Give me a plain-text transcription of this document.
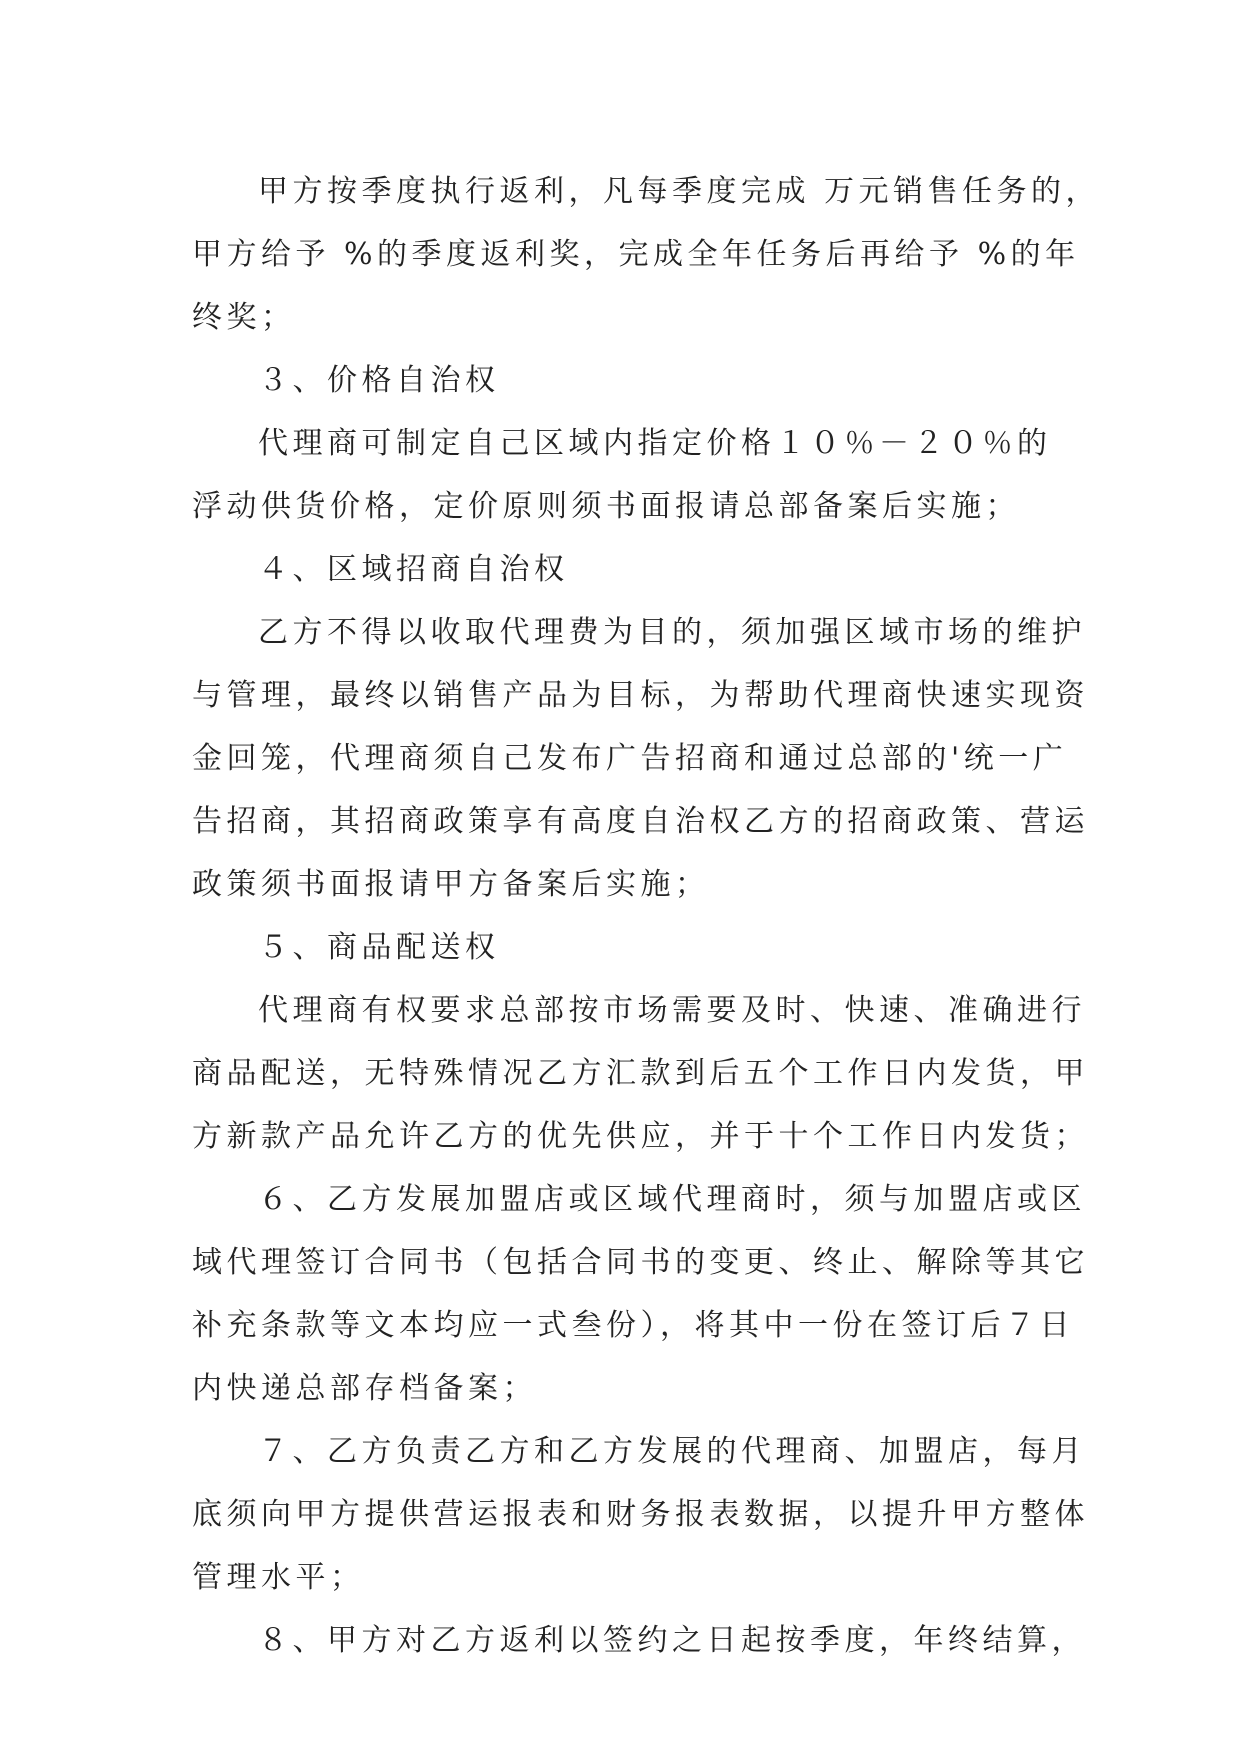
甲方按季度执行返利，凡每季度完成 万元销售任务的，
甲方给予 %的季度返利奖，完成全年任务后再给予 %的年
终奖；
３、价格自治权
代理商可制定自己区域内指定价格１０％－２０％的
浮动供货价格，定价原则须书面报请总部备案后实施；
４、区域招商自治权
乙方不得以收取代理费为目的，须加强区域市场的维护
与管理，最终以销售产品为目标，为帮助代理商快速实现资
金回笼，代理商须自己发布广告招商和通过总部的'统一广
告招商，其招商政策享有高度自治权乙方的招商政策、营运
政策须书面报请甲方备案后实施；
５、商品配送权
代理商有权要求总部按市场需要及时、快速、准确进行
商品配送，无特殊情况乙方汇款到后五个工作日内发货，甲
方新款产品允许乙方的优先供应，并于十个工作日内发货；
６、乙方发展加盟店或区域代理商时，须与加盟店或区
域代理签订合同书（包括合同书的变更、终止、解除等其它
补充条款等文本均应一式叁份），将其中一份在签订后７日
内快递总部存档备案；
７、乙方负责乙方和乙方发展的代理商、加盟店，每月
底须向甲方提供营运报表和财务报表数据，以提升甲方整体
管理水平；
８、甲方对乙方返利以签约之日起按季度，年终结算，
